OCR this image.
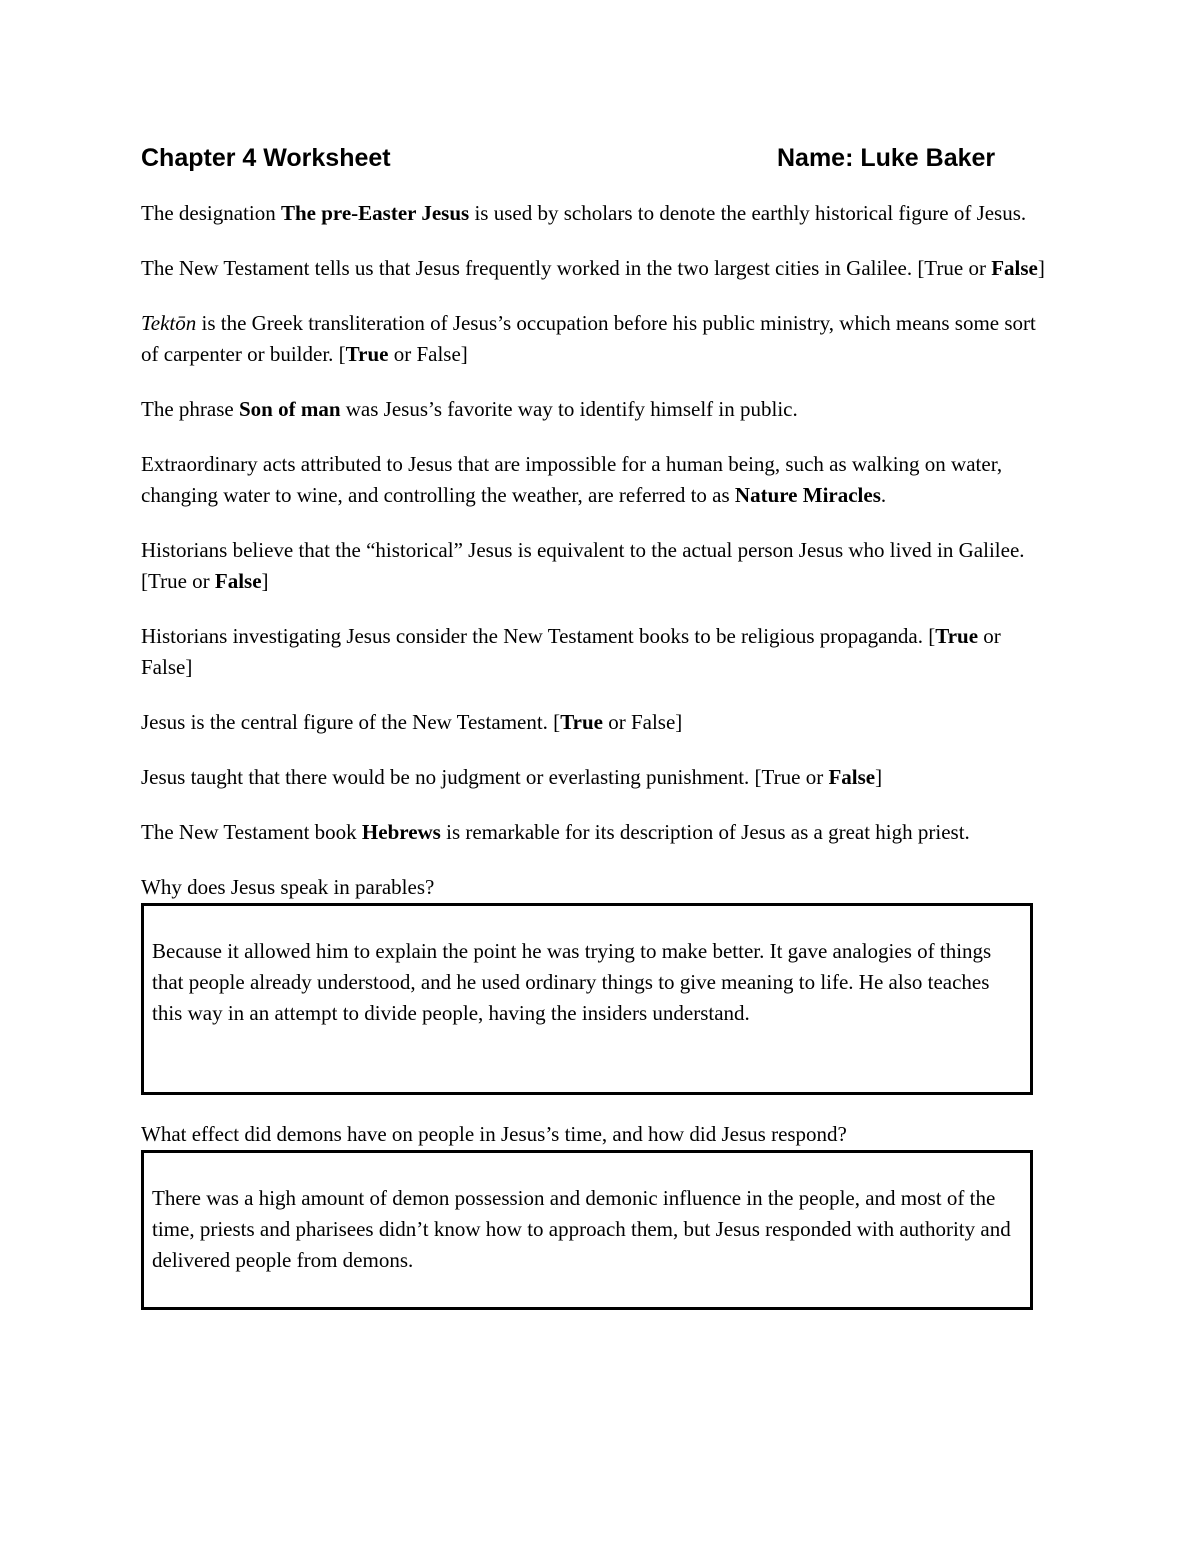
Chapter 4 Worksheet	Name: Luke Baker

The designation The pre-Easter Jesus is used by scholars to denote the earthly historical figure of Jesus.

The New Testament tells us that Jesus frequently worked in the two largest cities in Galilee. [True or False]

Tektōn is the Greek transliteration of Jesus’s occupation before his public ministry, which means some sort of carpenter or builder. [True or False]

The phrase Son of man was Jesus’s favorite way to identify himself in public.

Extraordinary acts attributed to Jesus that are impossible for a human being, such as walking on water, changing water to wine, and controlling the weather, are referred to as Nature Miracles.

Historians believe that the “historical” Jesus is equivalent to the actual person Jesus who lived in Galilee. [True or False]

Historians investigating Jesus consider the New Testament books to be religious propaganda. [True or False]

Jesus is the central figure of the New Testament. [True or False]

Jesus taught that there would be no judgment or everlasting punishment. [True or False]

The New Testament book Hebrews is remarkable for its description of Jesus as a great high priest.

Why does Jesus speak in parables?

Because it allowed him to explain the point he was trying to make better. It gave analogies of things that people already understood, and he used ordinary things to give meaning to life. He also teaches this way in an attempt to divide people, having the insiders understand.

What effect did demons have on people in Jesus’s time, and how did Jesus respond?

There was a high amount of demon possession and demonic influence in the people, and most of the time, priests and pharisees didn’t know how to approach them, but Jesus responded with authority and delivered people from demons.
